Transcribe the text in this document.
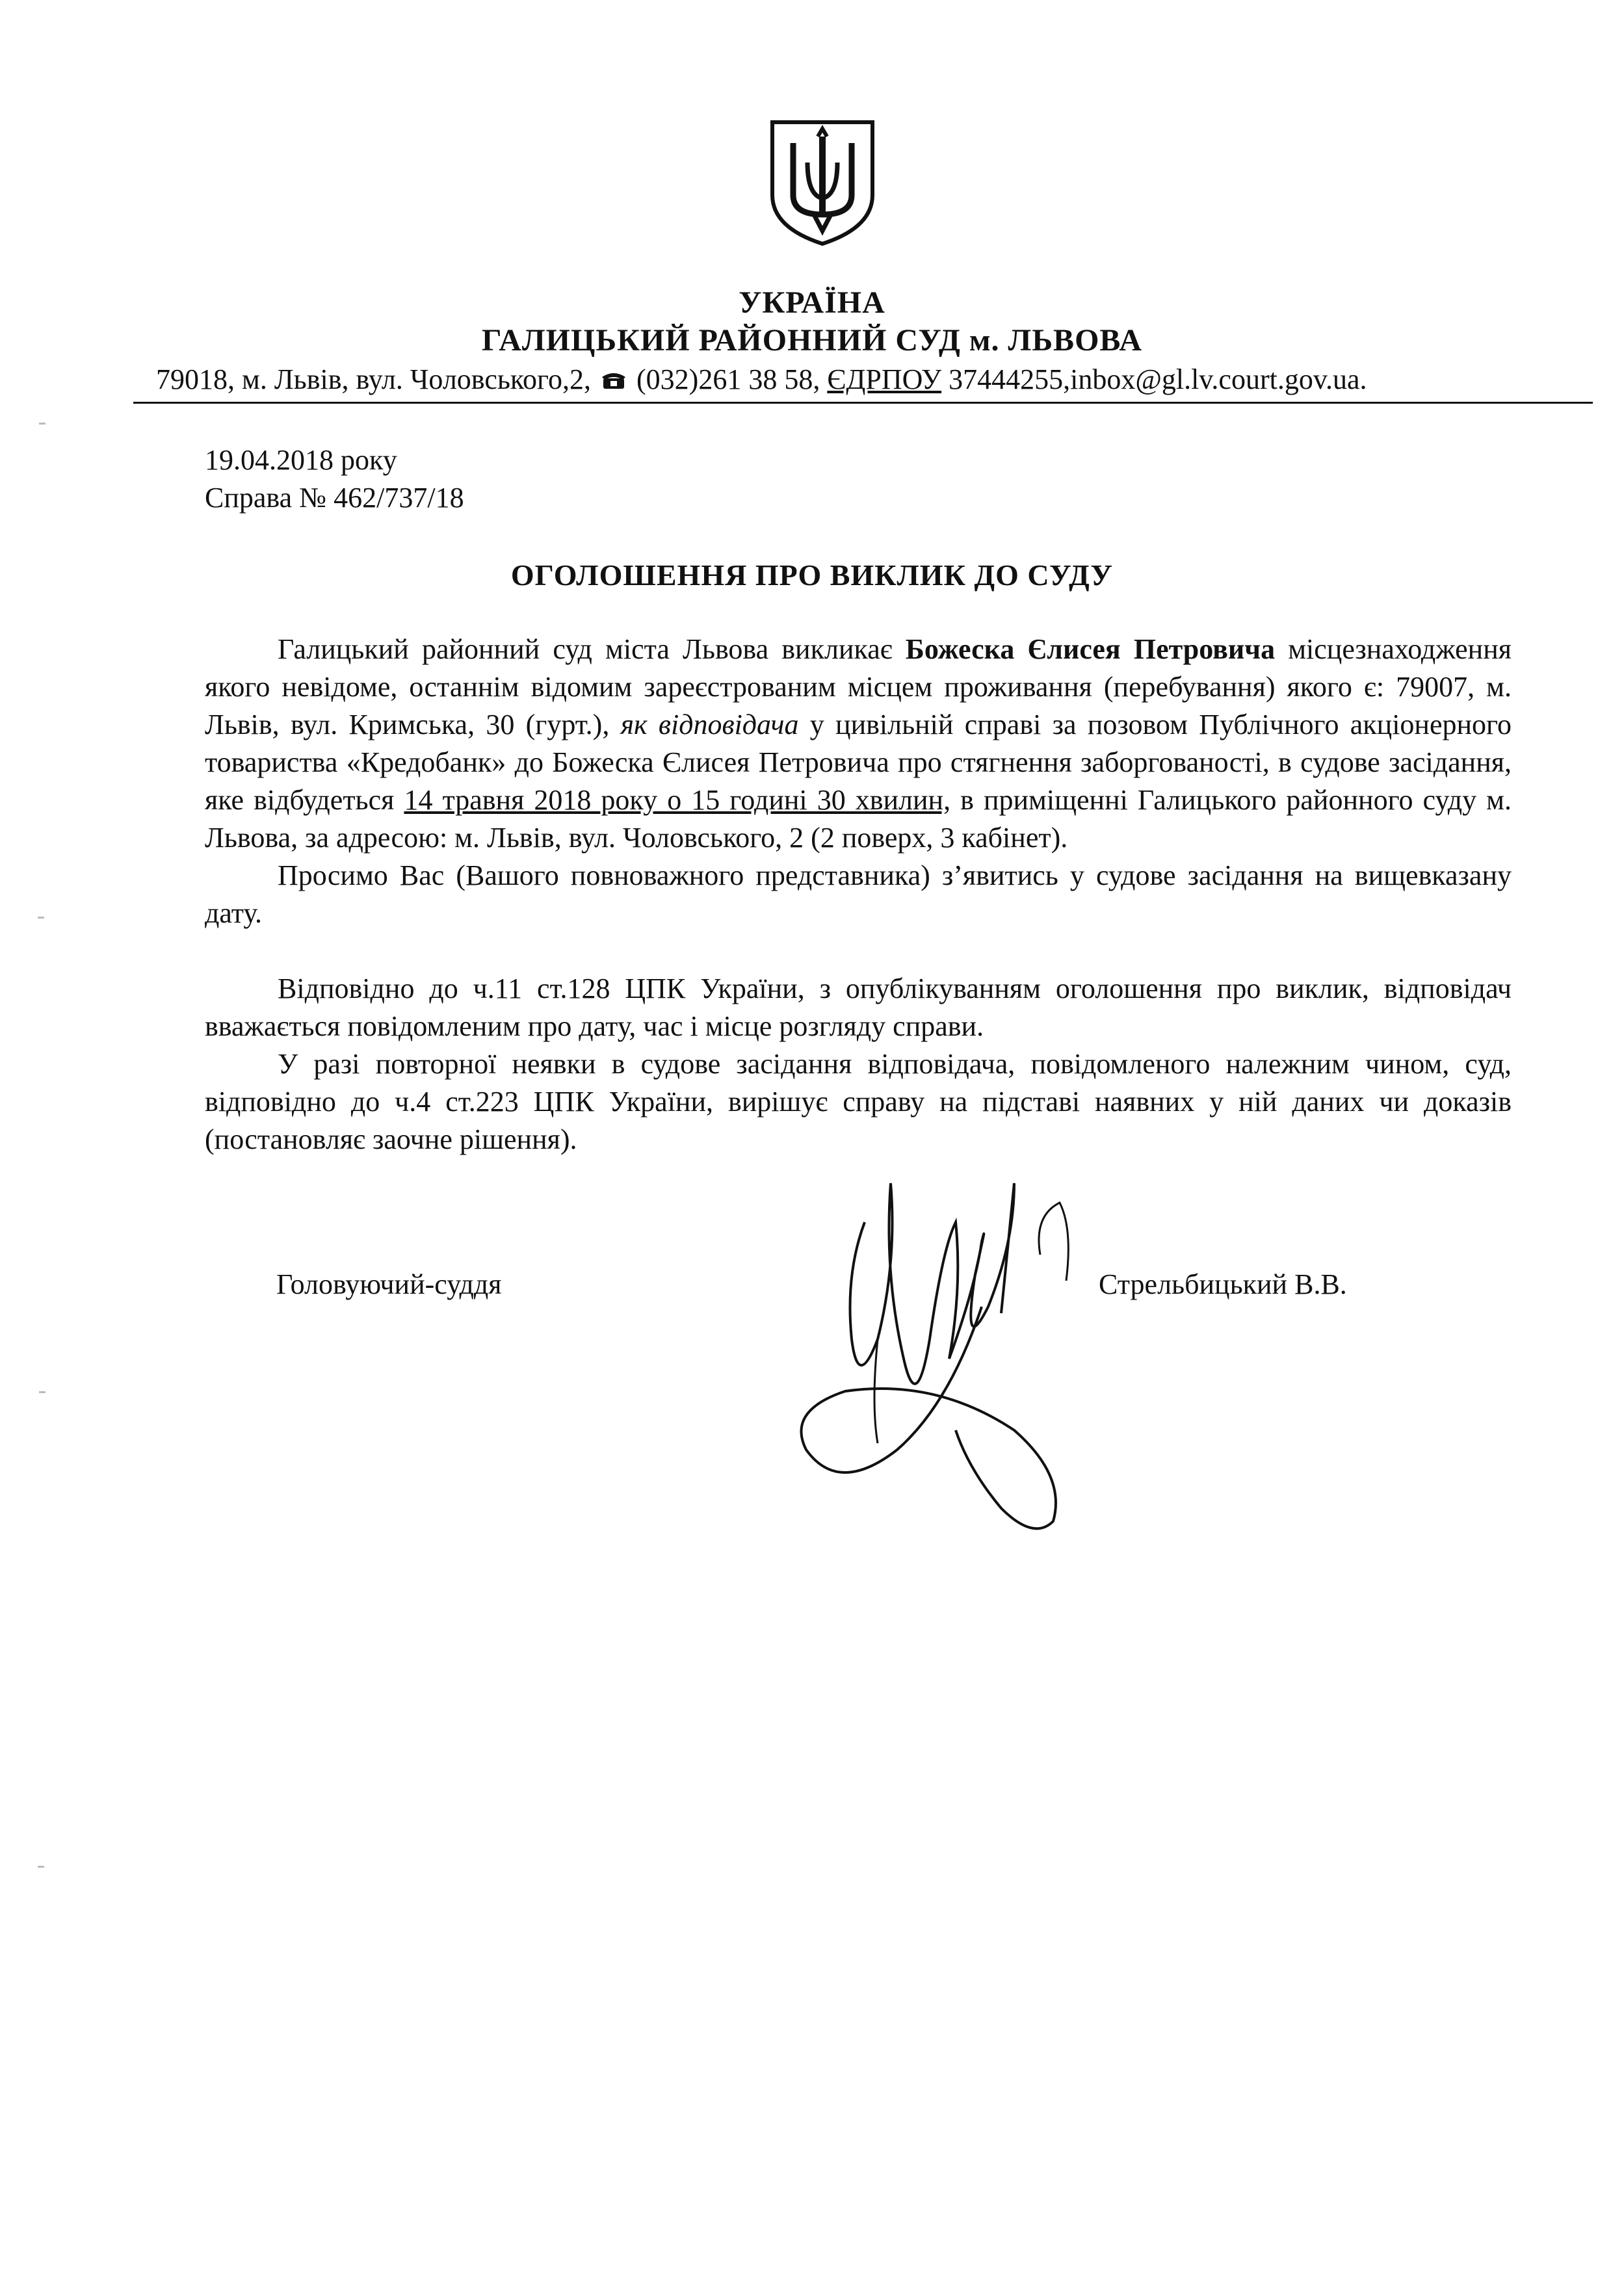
УКРАЇНА
ГАЛИЦЬКИЙ РАЙОННИЙ СУД м. ЛЬВОВА
79018, м. Львів, вул. Чоловського,2, (032)261 38 58, ЄДРПОУ 37444255,inbox@gl.lv.court.gov.ua.
19.04.2018 року
Справа № 462/737/18
ОГОЛОШЕННЯ ПРО ВИКЛИК ДО СУДУ

Галицький районний суд міста Львова викликає Божеска Єлисея Петровича місцезнаходження якого невідоме, останнім відомим зареєстрованим місцем проживання (перебування) якого є: 79007, м. Львів, вул. Кримська, 30 (гурт.), як відповідача у цивільній справі за позовом Публічного акціонерного товариства «Кредобанк» до Божеска Єлисея Петровича про стягнення заборгованості, в судове засідання, яке відбудеться 14 травня 2018 року о 15 годині 30 хвилин, в приміщенні Галицького районного суду м. Львова, за адресою: м. Львів, вул. Чоловського, 2 (2 поверх, 3 кабінет).

Просимо Вас (Вашого повноважного представника) з’явитись у судове засідання на вищевказану дату.

Відповідно до ч.11 ст.128 ЦПК України, з опублікуванням оголошення про виклик, відповідач вважається повідомленим про дату, час і місце розгляду справи.

У разі повторної неявки в судове засідання відповідача, повідомленого належним чином, суд, відповідно до ч.4 ст.223 ЦПК України, вирішує справу на підставі наявних у ній даних чи доказів (постановляє заочне рішення).

Головуючий-суддя	Стрельбицький В.В.
